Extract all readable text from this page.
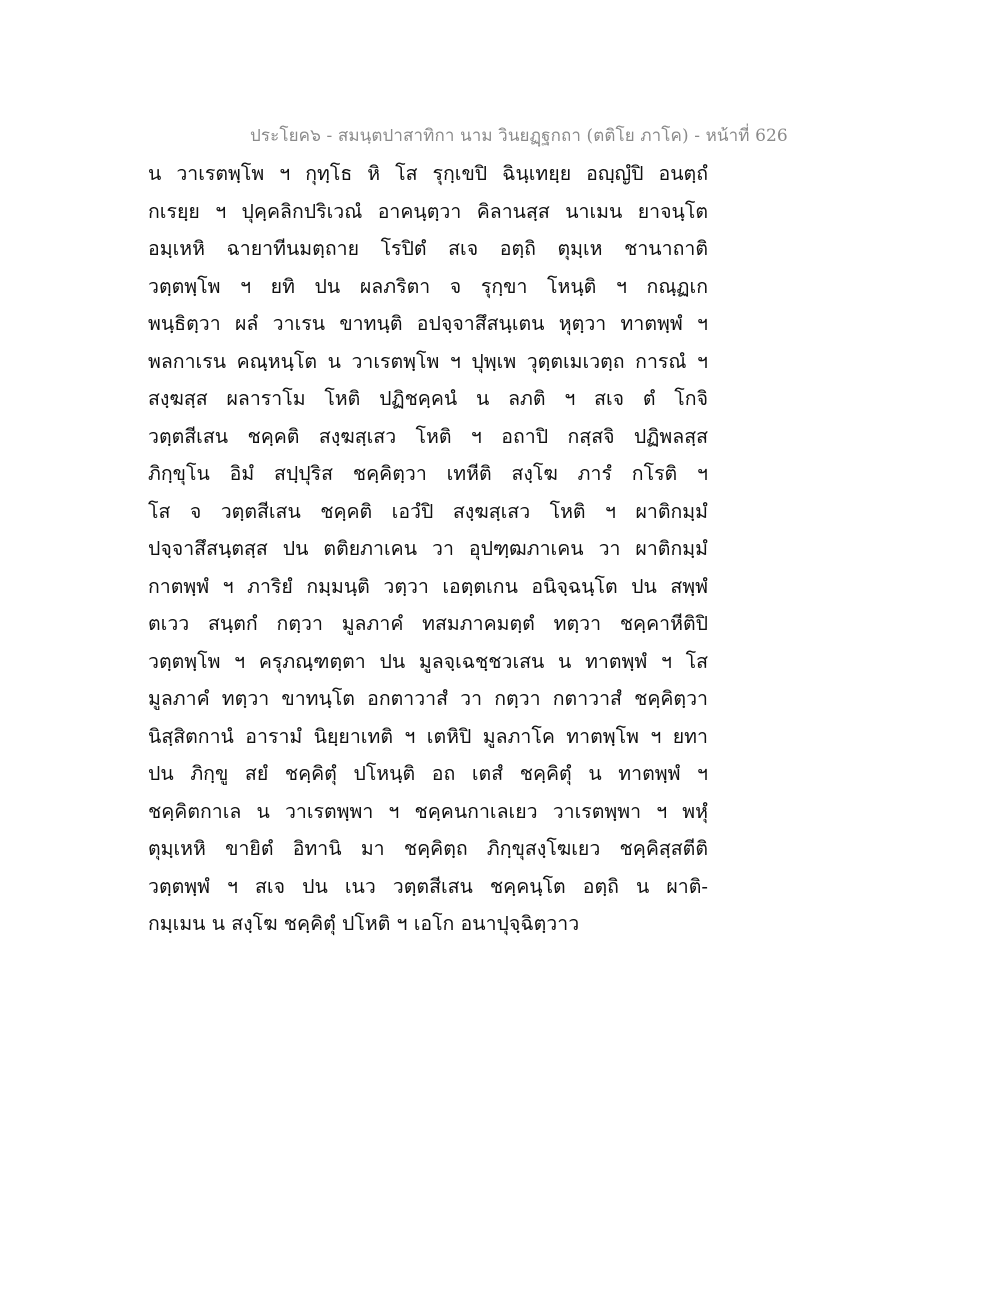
ประโยค๖ - สมนฺตปาสาทิกา นาม วินยฏฺฐกถา (ตติโย ภาโค) - หน้าที่ 626
น วาเรตพฺโพ ฯ กุทฺโธ หิ โส รุกฺเขปิ ฉินฺเทยฺย อญฺญํปิ อนตฺถํ
กเรยฺย ฯ ปุคฺคลิกปริเวณํ อาคนฺตฺวา คิลานสฺส นาเมน ยาจนฺโต
อมฺเหหิ ฉายาทีนมตฺถาย โรปิตํ สเจ อตฺถิ ตุมฺเห ชานาถาติ
วตฺตพฺโพ ฯ ยทิ ปน ผลภริตา จ รุกฺขา โหนฺติ ฯ กณฺฏเก
พนฺธิตฺวา ผลํ วาเรน ขาทนฺติ อปจฺจาสึสนฺเตน หุตฺวา ทาตพฺพํ ฯ
พลกาเรน คณฺหนฺโต น วาเรตพฺโพ ฯ ปุพฺเพ วุตฺตเมเวตฺถ การณํ ฯ
สงฺฆสฺส ผลาราโม โหติ ปฏิชคฺคนํ น ลภติ ฯ สเจ ตํ โกจิ
วตฺตสีเสน ชคฺคติ สงฺฆสฺเสว โหติ ฯ อถาปิ กสฺสจิ ปฏิพลสฺส
ภิกฺขุโน อิมํ สปฺปุริส ชคฺคิตฺวา เทหีติ สงฺโฆ ภารํ กโรติ ฯ
โส จ วตฺตสีเสน ชคฺคติ เอวํปิ สงฺฆสฺเสว โหติ ฯ ผาติกมฺมํ
ปจฺจาสึสนฺตสฺส ปน ตติยภาเคน วา อุปฑฺฒภาเคน วา ผาติกมฺมํ
กาตพฺพํ ฯ ภาริยํ กมฺมนฺติ วตฺวา เอตฺตเกน อนิจฺฉนฺโต ปน สพฺพํ
ตเวว สนฺตกํ กตฺวา มูลภาคํ ทสมภาคมตฺตํ ทตฺวา ชคฺคาหีติปิ
วตฺตพฺโพ ฯ ครุภณฺฑตฺตา ปน มูลจฺเฉชฺชวเสน น ทาตพฺพํ ฯ โส
มูลภาคํ ทตฺวา ขาทนฺโต อกตาวาสํ วา กตฺวา กตาวาสํ ชคฺคิตฺวา
นิสฺสิตกานํ อารามํ นิยฺยาเทติ ฯ เตหิปิ มูลภาโค ทาตพฺโพ ฯ ยทา
ปน ภิกฺขู สยํ ชคฺคิตุํ ปโหนฺติ อถ เตสํ ชคฺคิตุํ น ทาตพฺพํ ฯ
ชคฺคิตกาเล น วาเรตพฺพา ฯ ชคฺคนกาเลเยว วาเรตพฺพา ฯ พหุํ
ตุมฺเหหิ ขายิตํ อิทานิ มา ชคฺคิตฺถ ภิกฺขุสงฺโฆเยว ชคฺคิสฺสตีติ
วตฺตพฺพํ ฯ สเจ ปน เนว วตฺตสีเสน ชคฺคนฺโต อตฺถิ น ผาติ-
กมฺเมน น สงฺโฆ ชคฺคิตุํ ปโหติ ฯ เอโก อนาปุจฺฉิตฺวาว
